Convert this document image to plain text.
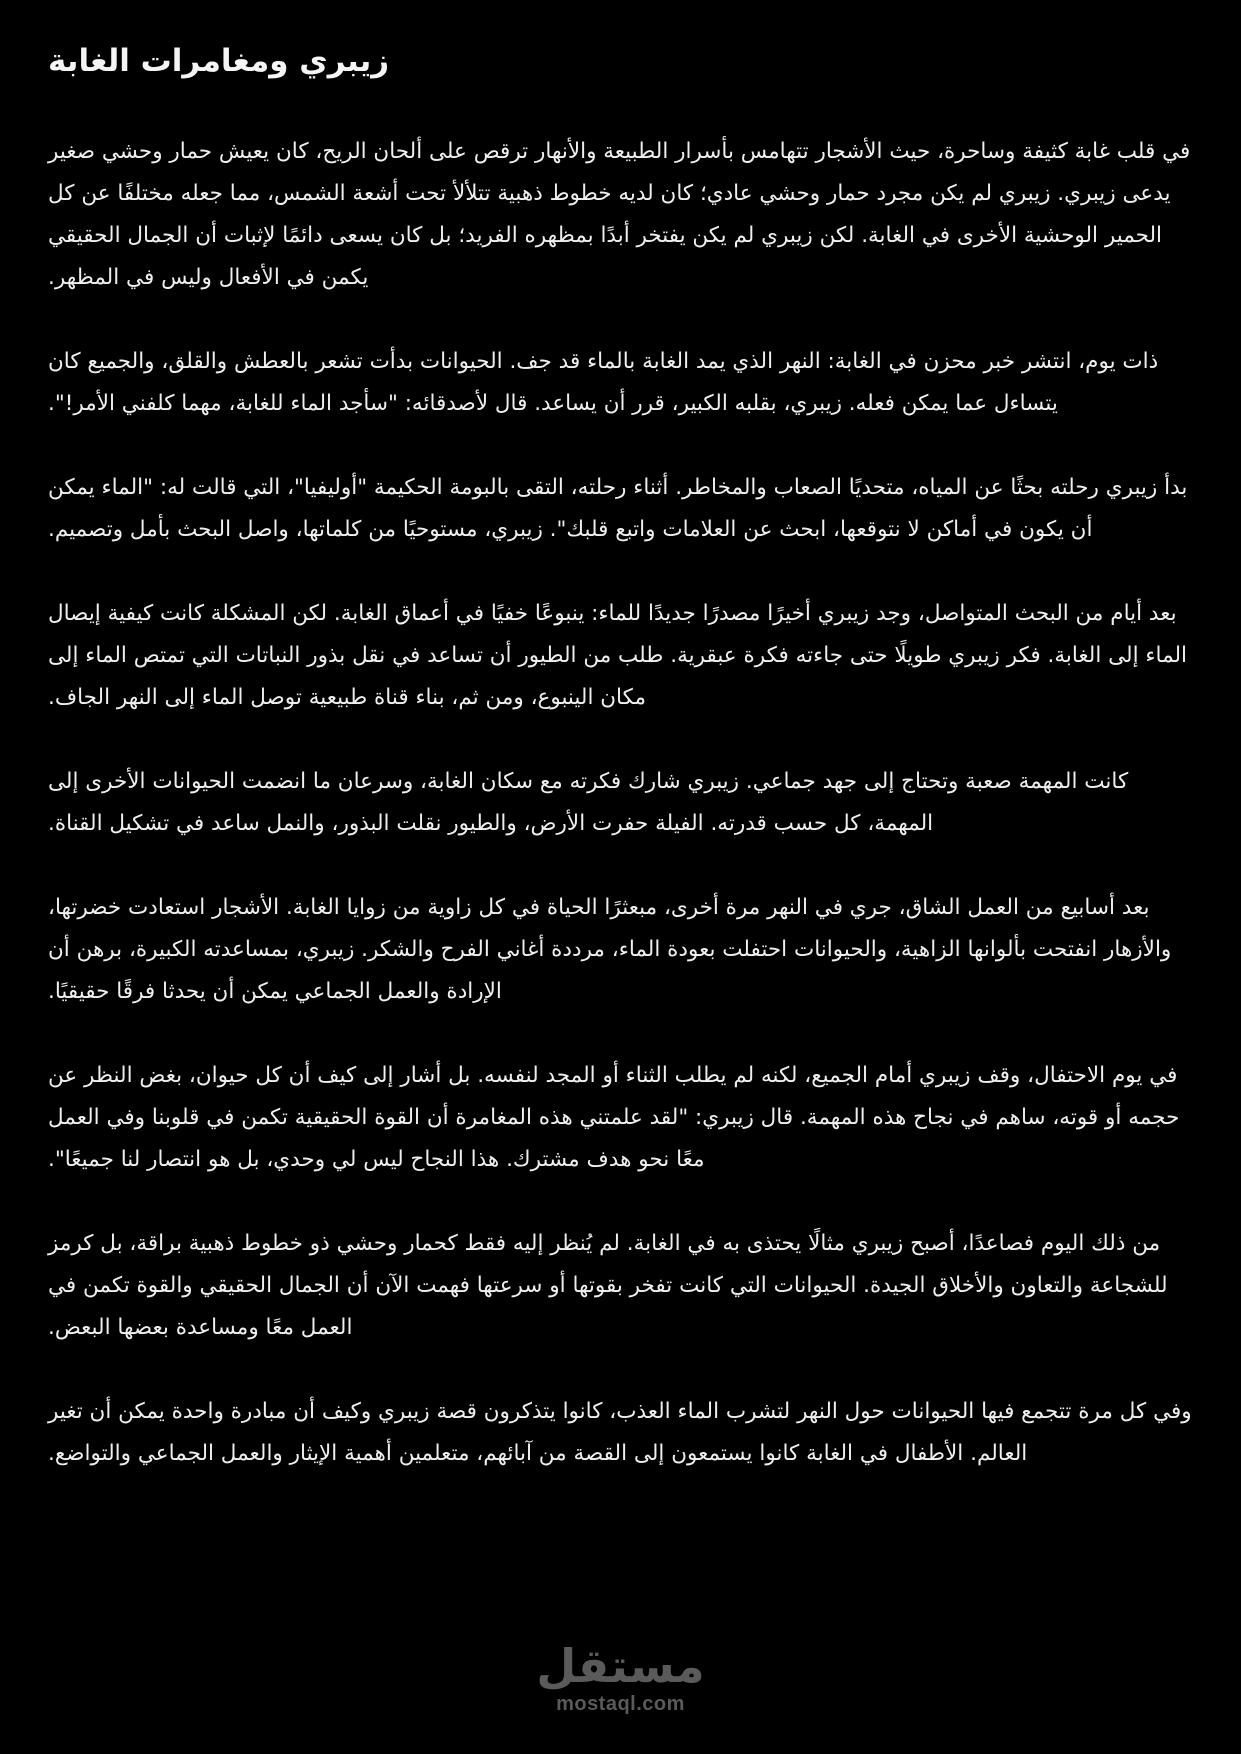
زيبري ومغامرات الغابة

في قلب غابة كثيفة وساحرة، حيث الأشجار تتهامس بأسرار الطبيعة والأنهار ترقص على ألحان الريح، كان يعيش حمار وحشي صغير يدعى زيبري. زيبري لم يكن مجرد حمار وحشي عادي؛ كان لديه خطوط ذهبية تتلألأ تحت أشعة الشمس، مما جعله مختلفًا عن كل الحمير الوحشية الأخرى في الغابة. لكن زيبري لم يكن يفتخر أبدًا بمظهره الفريد؛ بل كان يسعى دائمًا لإثبات أن الجمال الحقيقي يكمن في الأفعال وليس في المظهر.

ذات يوم، انتشر خبر محزن في الغابة: النهر الذي يمد الغابة بالماء قد جف. الحيوانات بدأت تشعر بالعطش والقلق، والجميع كان يتساءل عما يمكن فعله. زيبري، بقلبه الكبير، قرر أن يساعد. قال لأصدقائه: "سأجد الماء للغابة، مهما كلفني الأمر!".

بدأ زيبري رحلته بحثًا عن المياه، متحديًا الصعاب والمخاطر. أثناء رحلته، التقى بالبومة الحكيمة "أوليفيا"، التي قالت له: "الماء يمكن أن يكون في أماكن لا نتوقعها، ابحث عن العلامات واتبع قلبك". زيبري، مستوحيًا من كلماتها، واصل البحث بأمل وتصميم.

بعد أيام من البحث المتواصل، وجد زيبري أخيرًا مصدرًا جديدًا للماء: ينبوعًا خفيًا في أعماق الغابة. لكن المشكلة كانت كيفية إيصال الماء إلى الغابة. فكر زيبري طويلًا حتى جاءته فكرة عبقرية. طلب من الطيور أن تساعد في نقل بذور النباتات التي تمتص الماء إلى مكان الينبوع، ومن ثم، بناء قناة طبيعية توصل الماء إلى النهر الجاف.

كانت المهمة صعبة وتحتاج إلى جهد جماعي. زيبري شارك فكرته مع سكان الغابة، وسرعان ما انضمت الحيوانات الأخرى إلى المهمة، كل حسب قدرته. الفيلة حفرت الأرض، والطيور نقلت البذور، والنمل ساعد في تشكيل القناة.

بعد أسابيع من العمل الشاق، جري في النهر مرة أخرى، مبعثرًا الحياة في كل زاوية من زوايا الغابة. الأشجار استعادت خضرتها، والأزهار انفتحت بألوانها الزاهية، والحيوانات احتفلت بعودة الماء، مرددة أغاني الفرح والشكر. زيبري، بمساعدته الكبيرة، برهن أن الإرادة والعمل الجماعي يمكن أن يحدثا فرقًا حقيقيًا.

في يوم الاحتفال، وقف زيبري أمام الجميع، لكنه لم يطلب الثناء أو المجد لنفسه. بل أشار إلى كيف أن كل حيوان، بغض النظر عن حجمه أو قوته، ساهم في نجاح هذه المهمة. قال زيبري: "لقد علمتني هذه المغامرة أن القوة الحقيقية تكمن في قلوبنا وفي العمل معًا نحو هدف مشترك. هذا النجاح ليس لي وحدي، بل هو انتصار لنا جميعًا".

من ذلك اليوم فصاعدًا، أصبح زيبري مثالًا يحتذى به في الغابة. لم يُنظر إليه فقط كحمار وحشي ذو خطوط ذهبية براقة، بل كرمز للشجاعة والتعاون والأخلاق الجيدة. الحيوانات التي كانت تفخر بقوتها أو سرعتها فهمت الآن أن الجمال الحقيقي والقوة تكمن في العمل معًا ومساعدة بعضها البعض.

وفي كل مرة تتجمع فيها الحيوانات حول النهر لتشرب الماء العذب، كانوا يتذكرون قصة زيبري وكيف أن مبادرة واحدة يمكن أن تغير العالم. الأطفال في الغابة كانوا يستمعون إلى القصة من آبائهم، متعلمين أهمية الإيثار والعمل الجماعي والتواضع.

مستقل
mostaql.com
